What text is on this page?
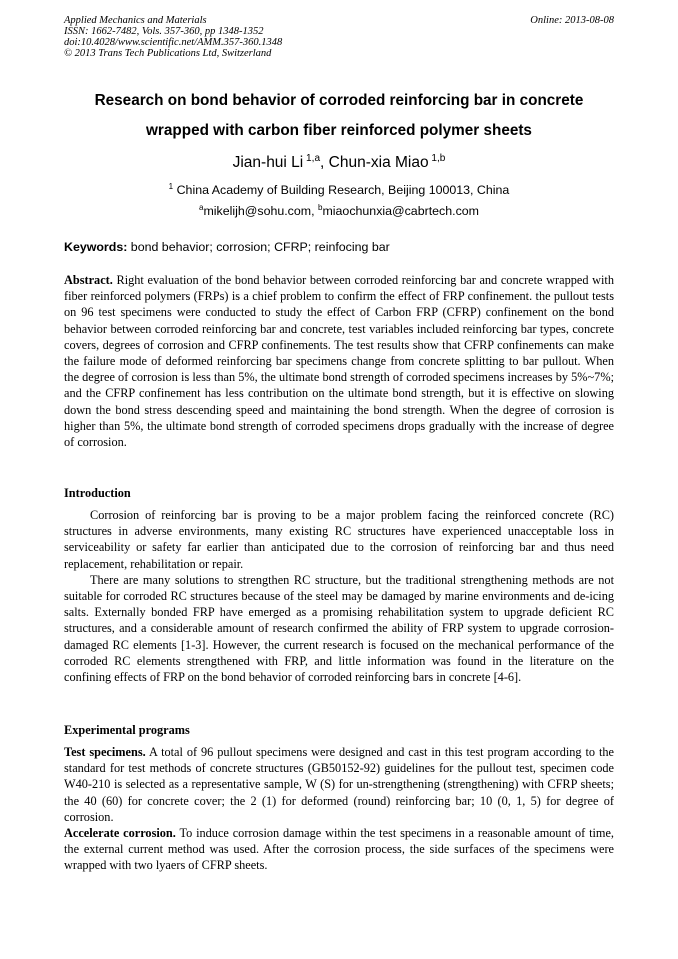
Applied Mechanics and Materials
ISSN: 1662-7482, Vols. 357-360, pp 1348-1352
doi:10.4028/www.scientific.net/AMM.357-360.1348
© 2013 Trans Tech Publications Ltd, Switzerland
Online: 2013-08-08
Research on bond behavior of corroded reinforcing bar in concrete wrapped with carbon fiber reinforced polymer sheets
Jian-hui Li $^{1,a}$, Chun-xia Miao $^{1,b}$
$^1$ China Academy of Building Research, Beijing 100013, China
$^a$mikelijh@sohu.com, $^b$miaochunxia@cabrtech.com
Keywords: bond behavior; corrosion; CFRP; reinfocing bar

Abstract. Right evaluation of the bond behavior between corroded reinforcing bar and concrete wrapped with fiber reinforced polymers (FRPs) is a chief problem to confirm the effect of FRP confinement. the pullout tests on 96 test specimens were conducted to study the effect of Carbon FRP (CFRP) confinement on the bond behavior between corroded reinforcing bar and concrete, test variables included reinforcing bar types, concrete covers, degrees of corrosion and CFRP confinements. The test results show that CFRP confinements can make the failure mode of deformed reinforcing bar specimens change from concrete splitting to bar pullout. When the degree of corrosion is less than 5%, the ultimate bond strength of corroded specimens increases by 5%~7%; and the CFRP confinement has less contribution on the ultimate bond strength, but it is effective on slowing down the bond stress descending speed and maintaining the bond strength. When the degree of corrosion is higher than 5%, the ultimate bond strength of corroded specimens drops gradually with the increase of degree of corrosion.

Introduction

Corrosion of reinforcing bar is proving to be a major problem facing the reinforced concrete (RC) structures in adverse environments, many existing RC structures have experienced unacceptable loss in serviceability or safety far earlier than anticipated due to the corrosion of reinforcing bar and thus need replacement, rehabilitation or repair.

There are many solutions to strengthen RC structure, but the traditional strengthening methods are not suitable for corroded RC structures because of the steel may be damaged by marine environments and de-icing salts. Externally bonded FRP have emerged as a promising rehabilitation system to upgrade deficient RC structures, and a considerable amount of research confirmed the ability of FRP system to upgrade corrosion-damaged RC elements [1-3]. However, the current research is focused on the mechanical performance of the corroded RC elements strengthened with FRP, and little information was found in the literature on the confining effects of FRP on the bond behavior of corroded reinforcing bars in concrete [4-6].

Experimental programs

Test specimens. A total of 96 pullout specimens were designed and cast in this test program according to the standard for test methods of concrete structures (GB50152-92) guidelines for the pullout test, specimen code W40-210 is selected as a representative sample, W (S) for un-strengthening (strengthening) with CFRP sheets; the 40 (60) for concrete cover; the 2 (1) for deformed (round) reinforcing bar; 10 (0, 1, 5) for degree of corrosion.

Accelerate corrosion. To induce corrosion damage within the test specimens in a reasonable amount of time, the external current method was used. After the corrosion process, the side surfaces of the specimens were wrapped with two lyaers of CFRP sheets.
